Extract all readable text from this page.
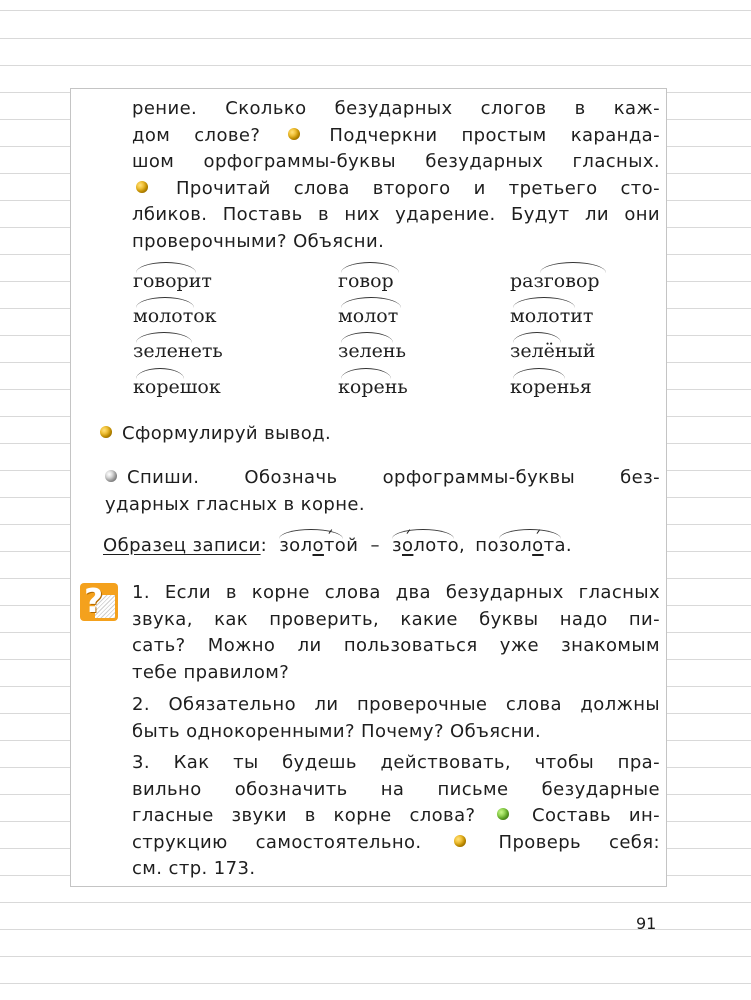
рение. Сколько безударных слогов в каж-
дом слове?	Подчеркни простым каранда-
шом орфограммы-буквы безударных гласных.
Прочитай слова второго и третьего сто-
лбиков. Поставь в них ударение. Будут ли они
проверочными? Объясни.

говорит	говор	разговор
молоток	молот	молотит
зеленеть	зелень	зелёный
корешок	корень	коренья

Сформулируй вывод.

Спиши. Обозначь орфограммы-буквы без-
ударных гласных в корне.

Образец записи: золотой – золото, позолота.

? 1. Если в корне слова два безударных гласных
звука, как проверить, какие буквы надо пи-
сать? Можно ли пользоваться уже знакомым
тебе правилом?

2. Обязательно ли проверочные слова должны
быть однокоренными? Почему? Объясни.

3. Как ты будешь действовать, чтобы пра-
вильно обозначить на письме безударные
гласные звуки в корне слова?	Составь ин-
струкцию самостоятельно.	Проверь себя:
см. стр. 173.

91
